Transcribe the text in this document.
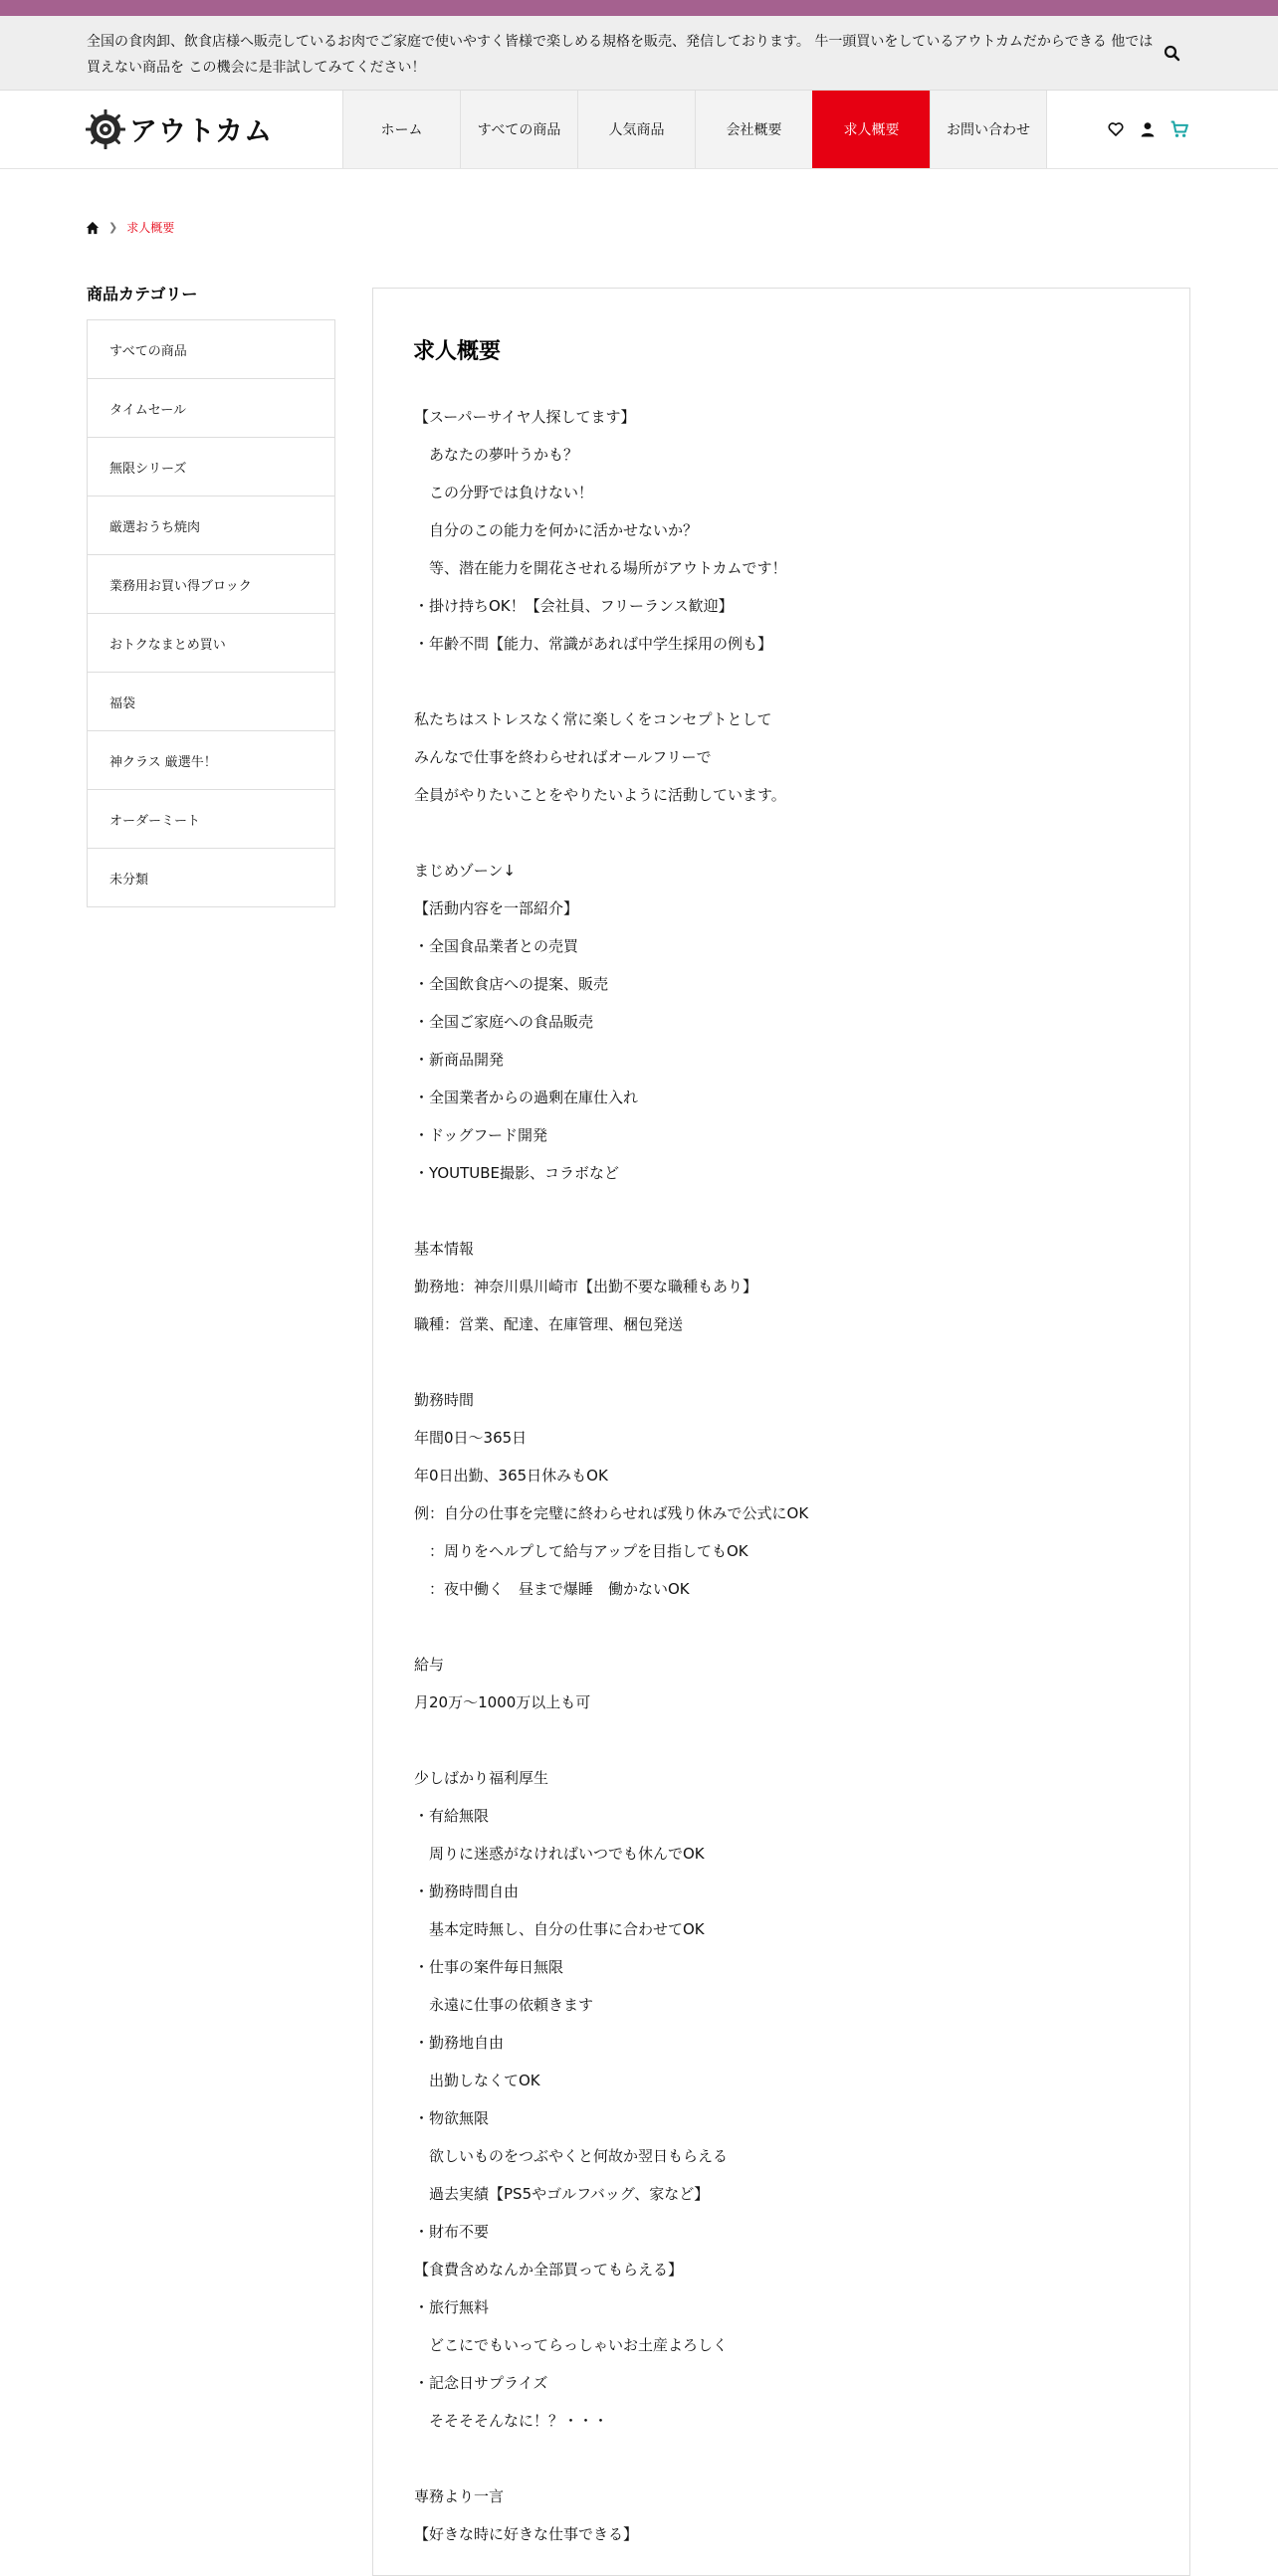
全国の食肉卸、飲食店様へ販売しているお肉でご家庭で使いやすく皆様で楽しめる規格を販売、発信しております。 牛一頭買いをしているアウトカムだからできる 他では買えない商品を この機会に是非試してみてください！
アウトカム	ホーム	すべての商品	人気商品	会社概要	求人概要	お問い合わせ
❯ 求人概要
商品カテゴリー
すべての商品
タイムセール
無限シリーズ
厳選おうち焼肉
業務用お買い得ブロック
おトクなまとめ買い
福袋
神クラス 厳選牛！
オーダーミート
未分類
求人概要
【スーパーサイヤ人探してます】
　あなたの夢叶うかも？
　この分野では負けない！
　自分のこの能力を何かに活かせないか？
　等、潜在能力を開花させれる場所がアウトカムです！
・掛け持ちOK！【会社員、フリーランス歓迎】
・年齢不問【能力、常識があれば中学生採用の例も】

私たちはストレスなく常に楽しくをコンセプトとして
みんなで仕事を終わらせればオールフリーで
全員がやりたいことをやりたいように活動しています。

まじめゾーン↓
【活動内容を一部紹介】
・全国食品業者との売買
・全国飲食店への提案、販売
・全国ご家庭への食品販売
・新商品開発
・全国業者からの過剰在庫仕入れ
・ドッグフード開発
・YOUTUBE撮影、コラボなど

基本情報
勤務地：神奈川県川崎市【出勤不要な職種もあり】
職種：営業、配達、在庫管理、梱包発送

勤務時間
年間0日～365日
年0日出勤、365日休みもOK
例：自分の仕事を完璧に終わらせれば残り休みで公式にOK
　：周りをヘルプして給与アップを目指してもOK
　：夜中働く　昼まで爆睡　働かないOK

給与
月20万～1000万以上も可

少しばかり福利厚生
・有給無限
　周りに迷惑がなければいつでも休んでOK
・勤務時間自由
　基本定時無し、自分の仕事に合わせてOK
・仕事の案件毎日無限
　永遠に仕事の依頼きます
・勤務地自由
　出勤しなくてOK
・物欲無限
　欲しいものをつぶやくと何故か翌日もらえる
　過去実績【PS5やゴルフバッグ、家など】
・財布不要
【食費含めなんか全部買ってもらえる】
・旅行無料
　どこにでもいってらっしゃいお土産よろしく
・記念日サプライズ
　そそそそんなに！？・・・

専務より一言
【好きな時に好きな仕事できる】
